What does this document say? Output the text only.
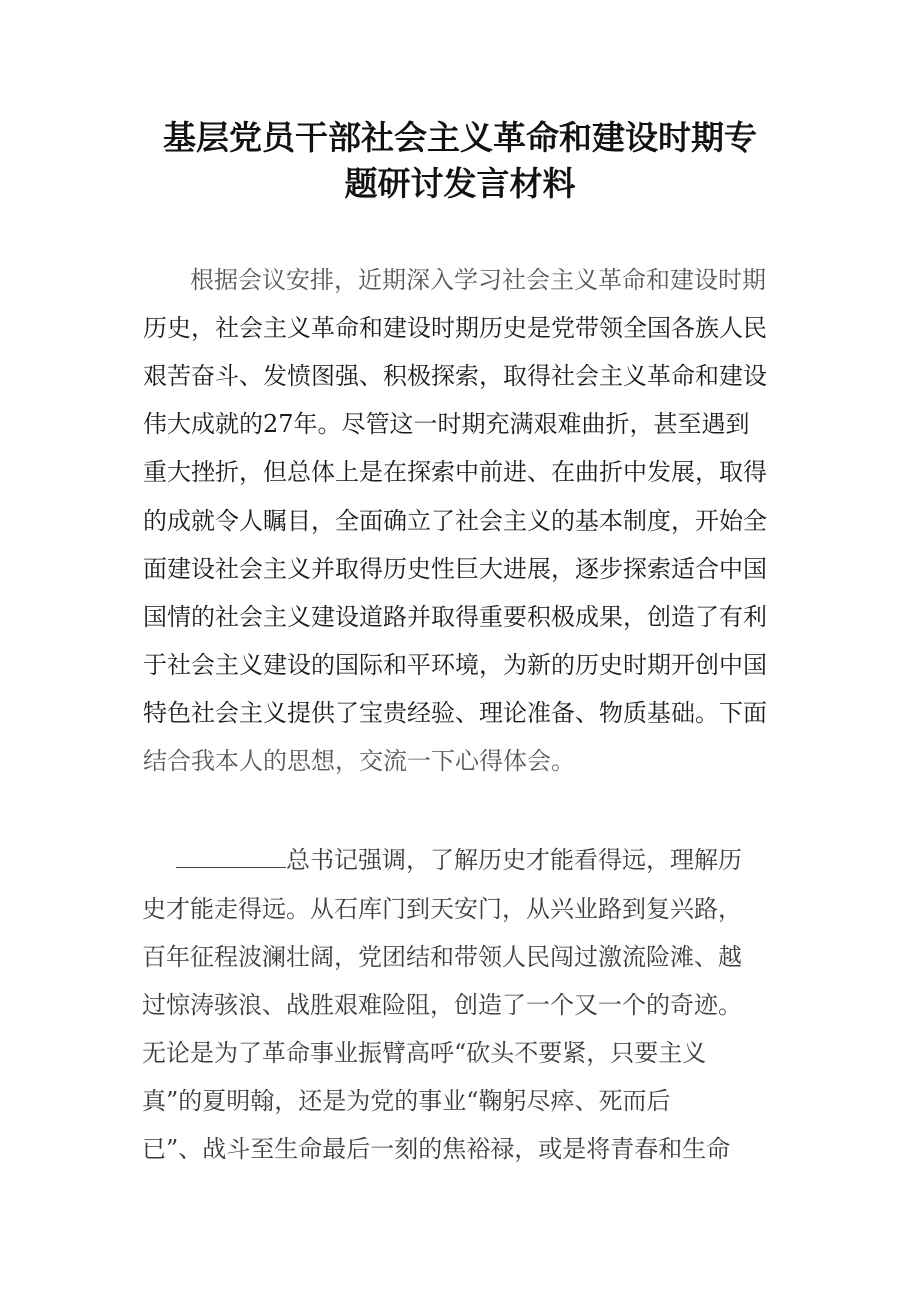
基层党员干部社会主义革命和建设时期专
题研讨发言材料

根据会议安排，近期深入学习社会主义革命和建设时期

历史，社会主义革命和建设时期历史是党带领全国各族人民

艰苦奋斗、发愤图强、积极探索，取得社会主义革命和建设

伟大成就的27年。尽管这一时期充满艰难曲折，甚至遇到

重大挫折，但总体上是在探索中前进、在曲折中发展，取得

的成就令人瞩目，全面确立了社会主义的基本制度，开始全

面建设社会主义并取得历史性巨大进展，逐步探索适合中国

国情的社会主义建设道路并取得重要积极成果，创造了有利

于社会主义建设的国际和平环境，为新的历史时期开创中国

特色社会主义提供了宝贵经验、理论准备、物质基础。下面

结合我本人的思想，交流一下心得体会。

总书记强调，了解历史才能看得远，理解历

史才能走得远。从石库门到天安门，从兴业路到复兴路，

百年征程波澜壮阔，党团结和带领人民闯过激流险滩、越

过惊涛骇浪、战胜艰难险阻，创造了一个又一个的奇迹。

无论是为了革命事业振臂高呼“砍头不要紧，只要主义

真”的夏明翰，还是为党的事业“鞠躬尽瘁、死而后

已”、战斗至生命最后一刻的焦裕禄，或是将青春和生命
